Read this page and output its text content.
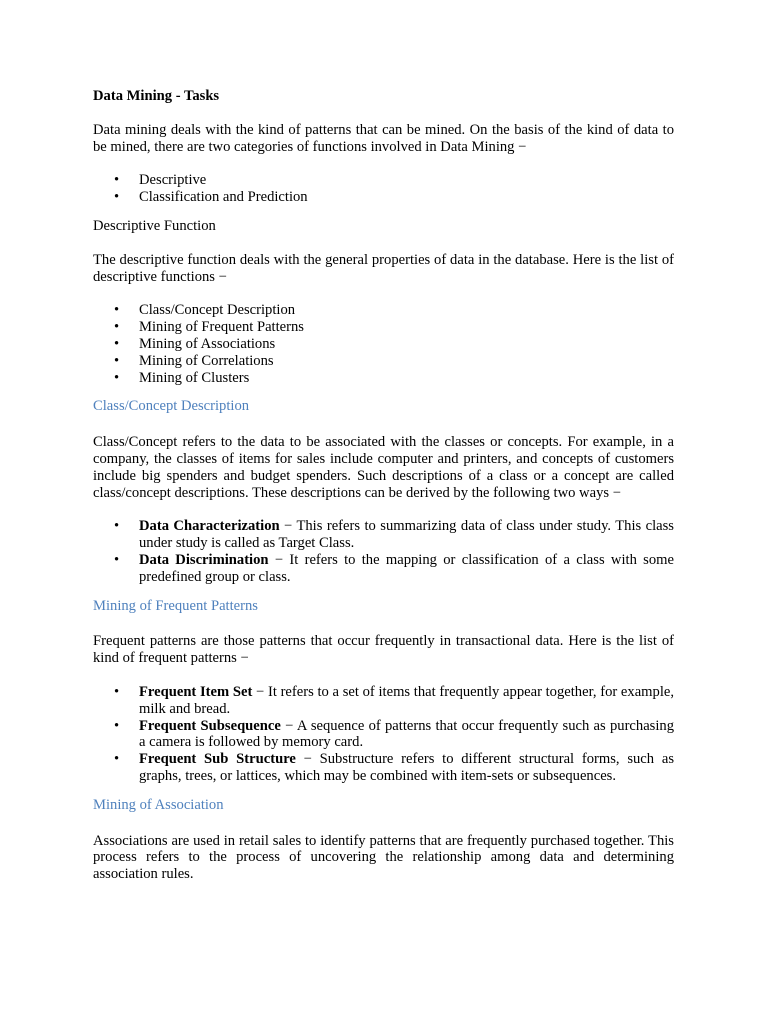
Data Mining - Tasks

Data mining deals with the kind of patterns that can be mined. On the basis of the kind of data to be mined, there are two categories of functions involved in Data Mining −

• Descriptive
• Classification and Prediction
Descriptive Function

The descriptive function deals with the general properties of data in the database. Here is the list of descriptive functions −

• Class/Concept Description
• Mining of Frequent Patterns
• Mining of Associations
• Mining of Correlations
• Mining of Clusters
Class/Concept Description

Class/Concept refers to the data to be associated with the classes or concepts. For example, in a company, the classes of items for sales include computer and printers, and concepts of customers include big spenders and budget spenders. Such descriptions of a class or a concept are called class/concept descriptions. These descriptions can be derived by the following two ways −

• Data Characterization − This refers to summarizing data of class under study. This class under study is called as Target Class.
• Data Discrimination − It refers to the mapping or classification of a class with some predefined group or class.
Mining of Frequent Patterns

Frequent patterns are those patterns that occur frequently in transactional data. Here is the list of kind of frequent patterns −

• Frequent Item Set − It refers to a set of items that frequently appear together, for example, milk and bread.
• Frequent Subsequence − A sequence of patterns that occur frequently such as purchasing a camera is followed by memory card.
• Frequent Sub Structure − Substructure refers to different structural forms, such as graphs, trees, or lattices, which may be combined with item-sets or subsequences.
Mining of Association

Associations are used in retail sales to identify patterns that are frequently purchased together. This process refers to the process of uncovering the relationship among data and determining association rules.
